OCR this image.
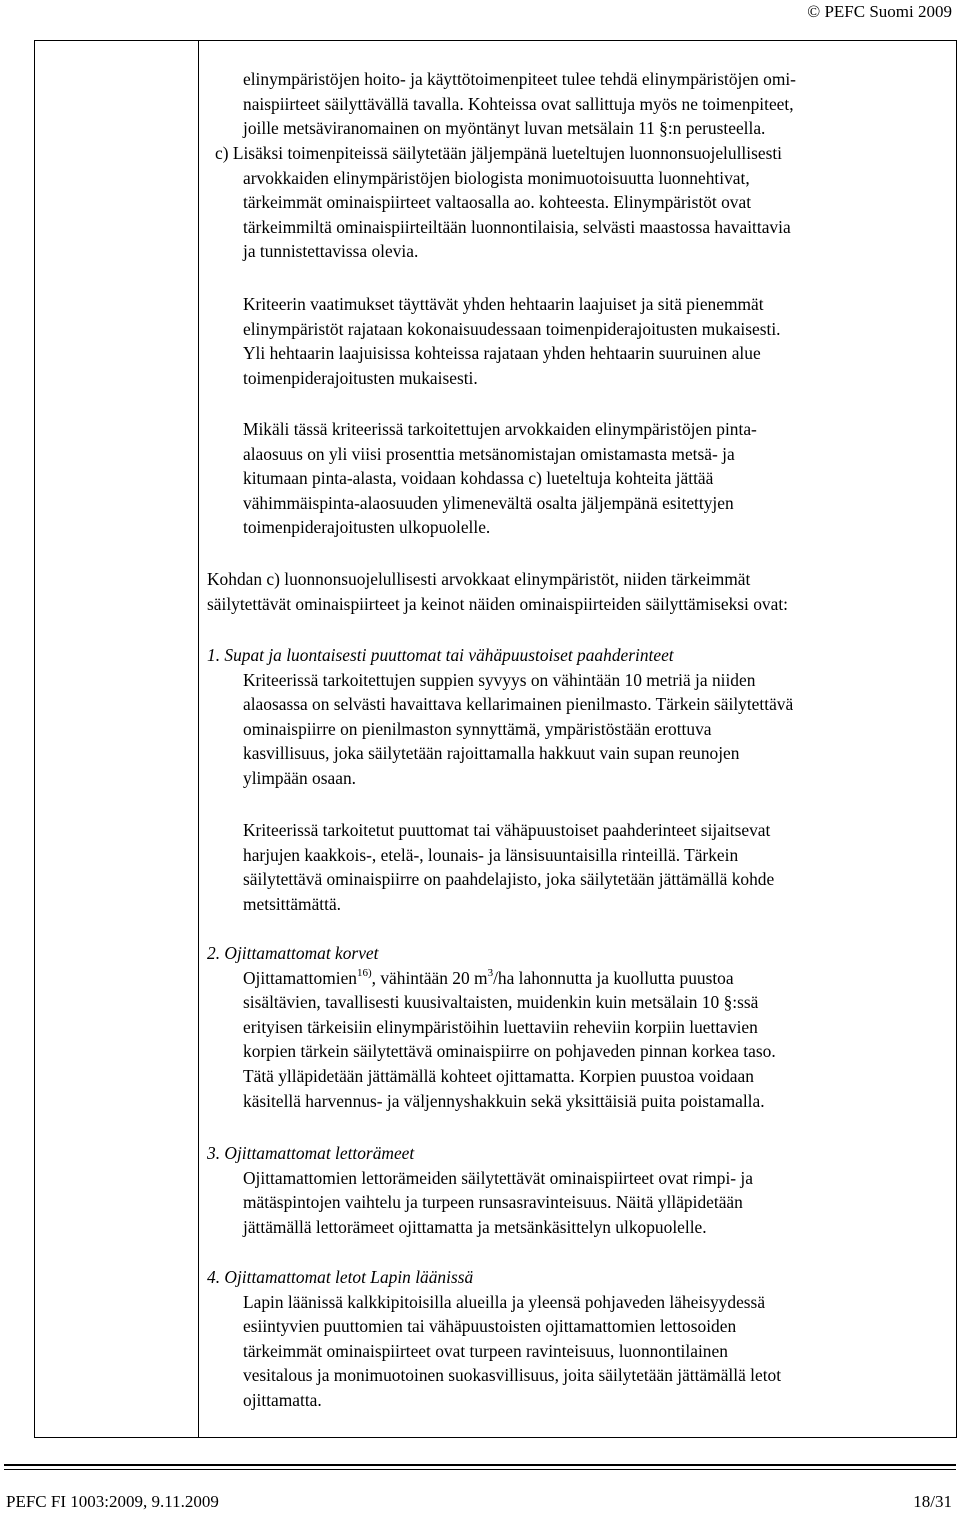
© PEFC Suomi 2009
elinympäristöjen hoito- ja käyttötoimenpiteet tulee tehdä elinympäristöjen omi-
naispiirteet säilyttävällä tavalla. Kohteissa ovat sallittuja myös ne toimenpiteet,
joille metsäviranomainen on myöntänyt luvan metsälain 11 §:n perusteella.
c) Lisäksi toimenpiteissä säilytetään jäljempänä lueteltujen luonnonsuojelullisesti
arvokkaiden elinympäristöjen biologista monimuotoisuutta luonnehtivat,
tärkeimmät ominaispiirteet valtaosalla ao. kohteesta. Elinympäristöt ovat
tärkeimmiltä ominaispiirteiltään luonnontilaisia, selvästi maastossa havaittavia
ja tunnistettavissa olevia.
Kriteerin vaatimukset täyttävät yhden hehtaarin laajuiset ja sitä pienemmät
elinympäristöt rajataan kokonaisuudessaan toimenpiderajoitusten mukaisesti.
Yli hehtaarin laajuisissa kohteissa rajataan yhden hehtaarin suuruinen alue
toimenpiderajoitusten mukaisesti.
Mikäli tässä kriteerissä tarkoitettujen arvokkaiden elinympäristöjen pinta-
alaosuus on yli viisi prosenttia metsänomistajan omistamasta metsä- ja
kitumaan pinta-alasta, voidaan kohdassa c) lueteltuja kohteita jättää
vähimmäispinta-alaosuuden ylimenevältä osalta jäljempänä esitettyjen
toimenpiderajoitusten ulkopuolelle.
Kohdan c) luonnonsuojelullisesti arvokkaat elinympäristöt, niiden tärkeimmät
säilytettävät ominaispiirteet ja keinot näiden ominaispiirteiden säilyttämiseksi ovat:
1. Supat ja luontaisesti puuttomat tai vähäpuustoiset paahderinteet
Kriteerissä tarkoitettujen suppien syvyys on vähintään 10 metriä ja niiden
alaosassa on selvästi havaittava kellarimainen pienilmasto. Tärkein säilytettävä
ominaispiirre on pienilmaston synnyttämä, ympäristöstään erottuva
kasvillisuus, joka säilytetään rajoittamalla hakkuut vain supan reunojen
ylimpään osaan.
Kriteerissä tarkoitetut puuttomat tai vähäpuustoiset paahderinteet sijaitsevat
harjujen kaakkois-, etelä-, lounais- ja länsisuuntaisilla rinteillä. Tärkein
säilytettävä ominaispiirre on paahdelajisto, joka säilytetään jättämällä kohde
metsittämättä.
2. Ojittamattomat korvet
Ojittamattomien$^{16)}$, vähintään 20 $m^3/ha$ lahonnutta ja kuollutta puustoa
sisältävien, tavallisesti kuusivaltaisten, muidenkin kuin metsälain 10 §:ssä
erityisen tärkeisiin elinympäristöihin luettaviin reheviin korpiin luettavien
korpien tärkein säilytettävä ominaispiirre on pohjaveden pinnan korkea taso.
Tätä ylläpidetään jättämällä kohteet ojittamatta. Korpien puustoa voidaan
käsitellä harvennus- ja väljennyshakkuin sekä yksittäisiä puita poistamalla.
3. Ojittamattomat lettorämeet
Ojittamattomien lettorämeiden säilytettävät ominaispiirteet ovat rimpi- ja
mätäspintojen vaihtelu ja turpeen runsasravinteisuus. Näitä ylläpidetään
jättämällä lettorämeet ojittamatta ja metsänkäsittelyn ulkopuolelle.
4. Ojittamattomat letot Lapin läänissä
Lapin läänissä kalkkipitoisilla alueilla ja yleensä pohjaveden läheisyydessä
esiintyvien puuttomien tai vähäpuustoisten ojittamattomien lettosoiden
tärkeimmät ominaispiirteet ovat turpeen ravinteisuus, luonnontilainen
vesitalous ja monimuotoinen suokasvillisuus, joita säilytetään jättämällä letot
ojittamatta.
PEFC FI 1003:2009, 9.11.2009	18/31
